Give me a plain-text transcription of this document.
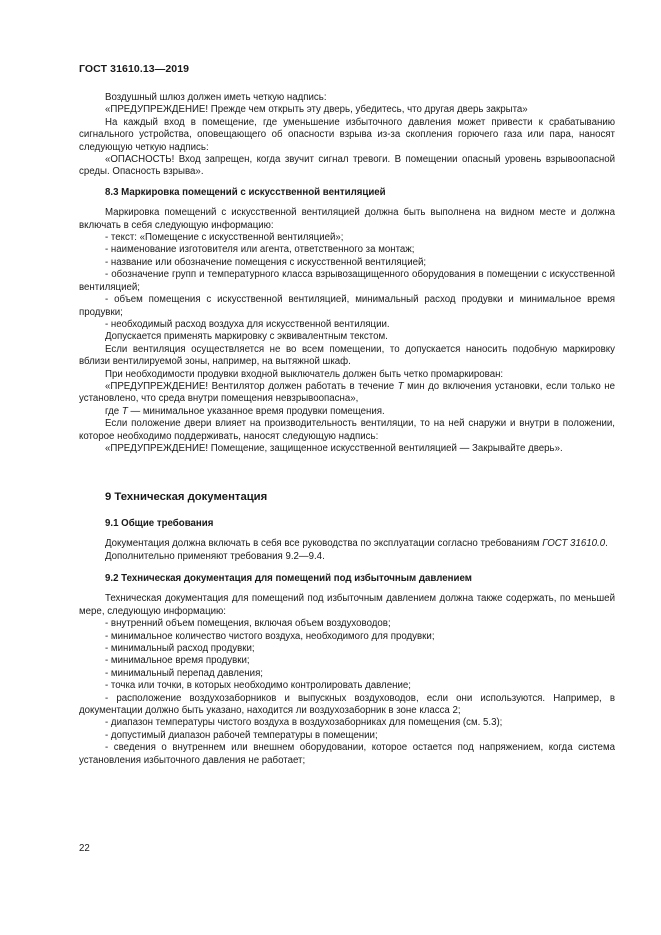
ГОСТ 31610.13—2019

Воздушный шлюз должен иметь четкую надпись:

«ПРЕДУПРЕЖДЕНИЕ! Прежде чем открыть эту дверь, убедитесь, что другая дверь закрыта»

На каждый вход в помещение, где уменьшение избыточного давления может привести к срабатыванию сигнального устройства, оповещающего об опасности взрыва из-за скопления горючего газа или пара, наносят следующую четкую надпись:

«ОПАСНОСТЬ! Вход запрещен, когда звучит сигнал тревоги. В помещении опасный уровень взрывоопасной среды. Опасность взрыва».

8.3 Маркировка помещений с искусственной вентиляцией

Маркировка помещений с искусственной вентиляцией должна быть выполнена на видном месте и должна включать в себя следующую информацию:

- текст: «Помещение с искусственной вентиляцией»;

- наименование изготовителя или агента, ответственного за монтаж;

- название или обозначение помещения с искусственной вентиляцией;

- обозначение групп и температурного класса взрывозащищенного оборудования в помещении с искусственной вентиляцией;

- объем помещения с искусственной вентиляцией, минимальный расход продувки и минимальное время продувки;

- необходимый расход воздуха для искусственной вентиляции.

Допускается применять маркировку с эквивалентным текстом.

Если вентиляция осуществляется не во всем помещении, то допускается наносить подобную маркировку вблизи вентилируемой зоны, например, на вытяжной шкаф.

При необходимости продувки входной выключатель должен быть четко промаркирован:

«ПРЕДУПРЕЖДЕНИЕ! Вентилятор должен работать в течение T мин до включения установки, если только не установлено, что среда внутри помещения невзрывоопасна»,

где T — минимальное указанное время продувки помещения.

Если положение двери влияет на производительность вентиляции, то на ней снаружи и внутри в положении, которое необходимо поддерживать, наносят следующую надпись:

«ПРЕДУПРЕЖДЕНИЕ! Помещение, защищенное искусственной вентиляцией — Закрывайте дверь».

9 Техническая документация

9.1 Общие требования

Документация должна включать в себя все руководства по эксплуатации согласно требованиям ГОСТ 31610.0.

Дополнительно применяют требования 9.2—9.4.

9.2 Техническая документация для помещений под избыточным давлением

Техническая документация для помещений под избыточным давлением должна также содержать, по меньшей мере, следующую информацию:

- внутренний объем помещения, включая объем воздуховодов;

- минимальное количество чистого воздуха, необходимого для продувки;

- минимальный расход продувки;

- минимальное время продувки;

- минимальный перепад давления;

- точка или точки, в которых необходимо контролировать давление;

- расположение воздухозаборников и выпускных воздуховодов, если они используются. Например, в документации должно быть указано, находится ли воздухозаборник в зоне класса 2;

- диапазон температуры чистого воздуха в воздухозаборниках для помещения (см. 5.3);

- допустимый диапазон рабочей температуры в помещении;

- сведения о внутреннем или внешнем оборудовании, которое остается под напряжением, когда система установления избыточного давления не работает;

22
